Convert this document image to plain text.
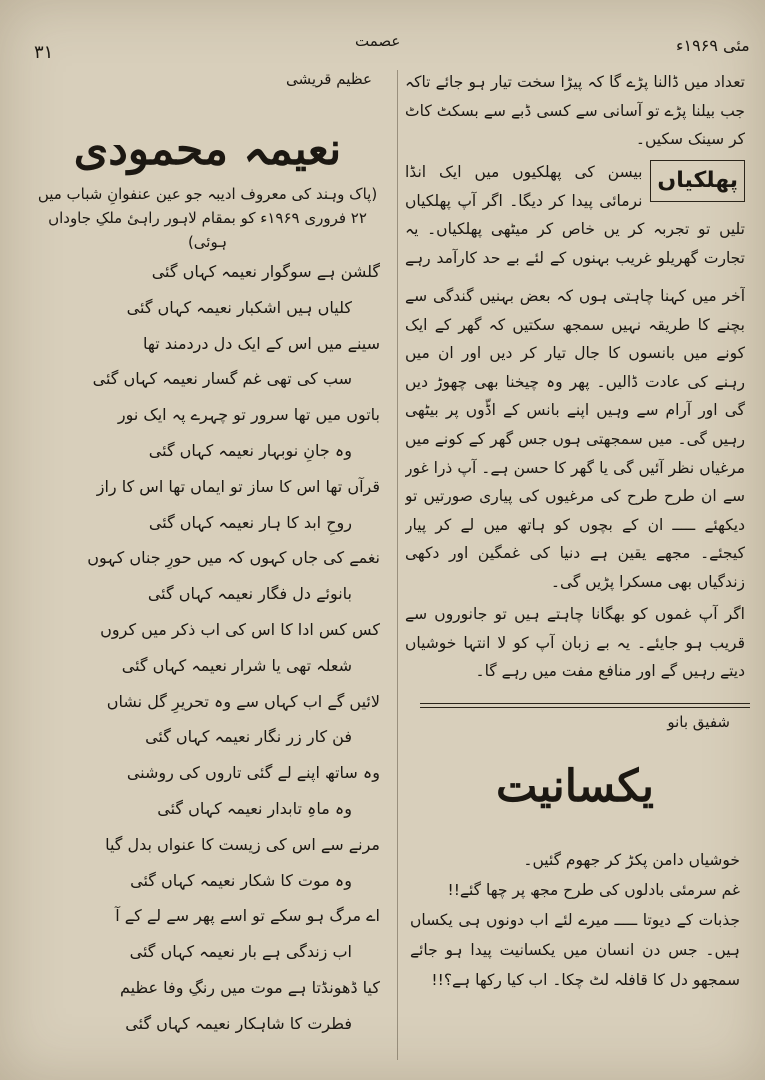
۳۱
عصمت	مئی ۱۹۶۹ء

تعداد میں ڈالنا پڑے گا کہ پیڑا سخت تیار ہو جائے تاکہ جب بیلنا پڑے تو آسانی سے کسی ڈبے سے بسکٹ کاٹ کر سینک سکیں۔

پھلکیاں
بیسن کی پھلکیوں میں ایک انڈا نرمائی پیدا کر دیگا۔ اگر آپ پھلکیاں تلیں تو تجربہ کر یں خاص کر میٹھی پھلکیاں۔ یہ تجارت گھریلو غریب بہنوں کے لئے بے حد کارآمد رہے

آخر میں کہنا چاہتی ہوں کہ بعض بہنیں گندگی سے بچنے کا طریقہ نہیں سمجھ سکتیں کہ گھر کے ایک کونے میں بانسوں کا جال تیار کر دیں اور ان میں رہنے کی عادت ڈالیں۔ پھر وہ چیخنا بھی چھوڑ دیں گی اور آرام سے وہیں اپنے بانس کے اڈّوں پر بیٹھی رہیں گی۔ میں سمجھتی ہوں جس گھر کے کونے میں مرغیاں نظر آئیں گی یا گھر کا حسن ہے۔ آپ ذرا غور سے ان طرح طرح کی مرغیوں کی پیاری صورتیں تو دیکھئے ـــــ ان کے بچوں کو ہاتھ میں لے کر پیار کیجئے۔ مجھے یقین ہے دنیا کی غمگین اور دکھی زندگیاں بھی مسکرا پڑیں گی۔

اگر آپ غموں کو بھگانا چاہتے ہیں تو جانوروں سے قریب ہو جایئے۔ یہ بے زبان آپ کو لا انتہا خوشیاں دیتے رہیں گے اور منافع مفت میں رہے گا۔

شفیق بانو
یکسانیت

خوشیاں دامن پکڑ کر جھوم گئیں۔

غم سرمئی بادلوں کی طرح مجھ پر چھا گئے!!

جذبات کے دیوتا ـــــ میرے لئے اب دونوں ہی یکساں ہیں۔ جس دن انسان میں یکسانیت پیدا ہو جائے سمجھو دل کا قافلہ لٹ چکا۔ اب کیا رکھا ہے؟!!

عظیم قریشی
نعیمہ محمودی
(پاک وہند کی معروف ادیبہ جو عین عنفوانِ شباب میں ۲۲ فروری ۱۹۶۹ء کو بمقام لاہور راہیٔ ملکِ جاوداں ہوئی)
گلشن ہے سوگوار نعیمہ کہاں گئی
کلیاں ہیں اشکبار نعیمہ کہاں گئی
سینے میں اس کے ایک دل دردمند تھا
سب کی تھی غم گسار نعیمہ کہاں گئی
باتوں میں تھا سرور تو چہرے پہ ایک نور
وہ جانِ نوبہار نعیمہ کہاں گئی
قرآں تھا اس کا ساز تو ایماں تھا اس کا راز
روحِ ابد کا ہار نعیمہ کہاں گئی
نغمے کی جاں کہوں کہ میں حورِ جناں کہوں
بانوئے دل فگار نعیمہ کہاں گئی
کس کس ادا کا اس کی اب ذکر میں کروں
شعلہ تھی یا شرار نعیمہ کہاں گئی
لائیں گے اب کہاں سے وہ تحریرِ گل نشاں
فن کار زر نگار نعیمہ کہاں گئی
وہ ساتھ اپنے لے گئی تاروں کی روشنی
وہ ماہِ تابدار نعیمہ کہاں گئی
مرنے سے اس کی زیست کا عنواں بدل گیا
وہ موت کا شکار نعیمہ کہاں گئی
اے مرگ ہو سکے تو اسے پھر سے لے کے آ
اب زندگی ہے بار نعیمہ کہاں گئی
کیا ڈھونڈتا ہے موت میں رنگِ وفا عظیم
فطرت کا شاہکار نعیمہ کہاں گئی
